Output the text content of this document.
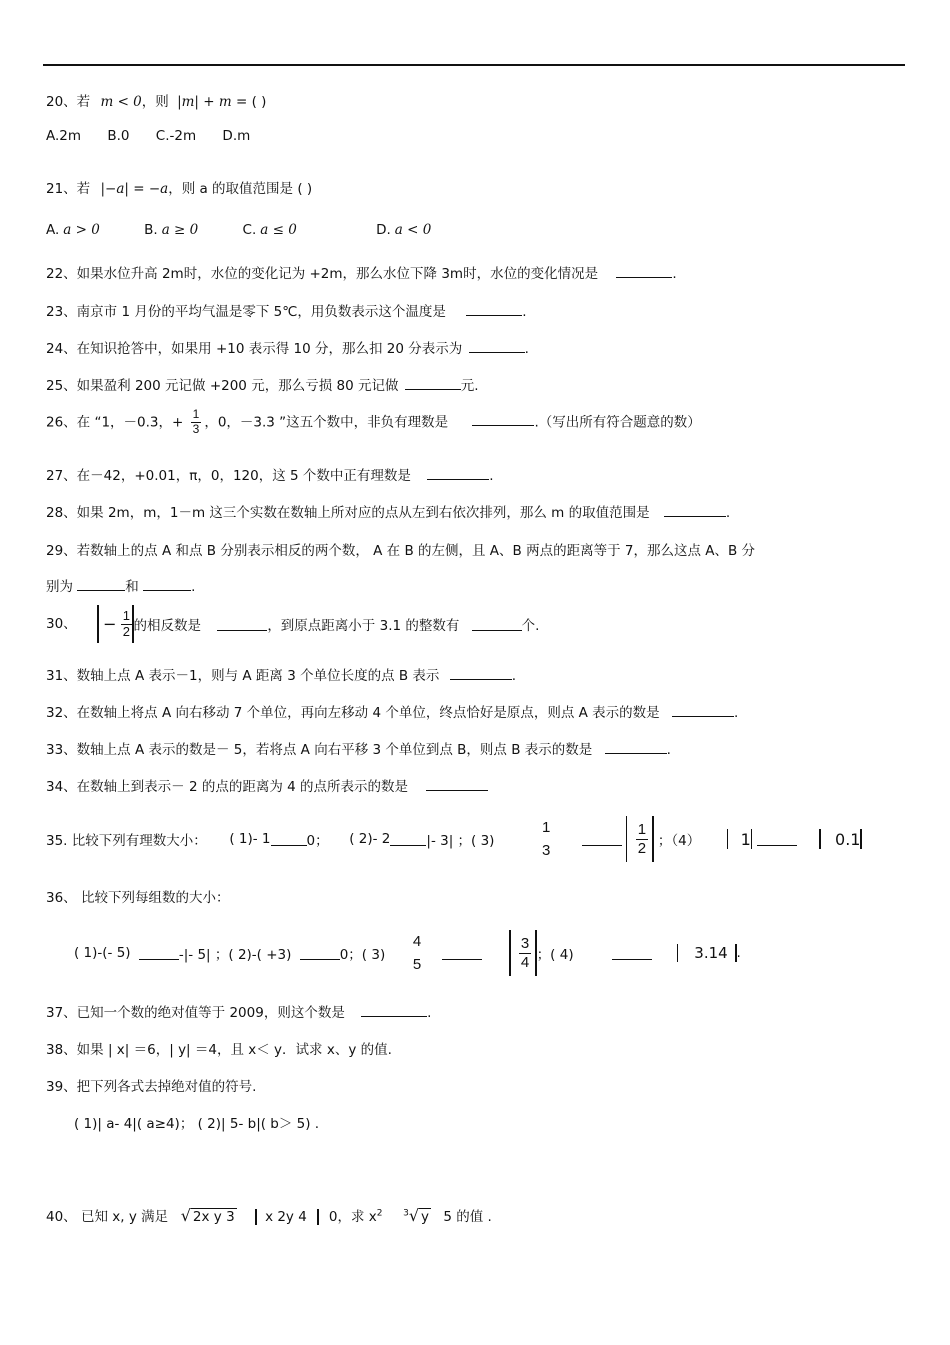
20、若 m < 0，则 |m| + m = ( )
A.2m B.0 C.-2m D.m
21、若 |−a| = −a，则 a 的取值范围是 ( )
A. a > 0	B. a ≥ 0	C. a ≤ 0	D. a < 0
22、如果水位升高 2m时，水位的变化记为 +2m，那么水位下降 3m时，水位的变化情况是	.
23、南京市 1 月份的平均气温是零下 5℃，用负数表示这个温度是	.
24、在知识抢答中，如果用 +10 表示得 10 分，那么扣 20 分表示为	.
25、如果盈利 200 元记做 +200 元，那么亏损 80 元记做	元.
26、在 “1，－0.3，+ $\frac{1}{3}$ ，0，－3.3 ”这五个数中，非负有理数是	.（写出所有符合题意的数）
27、在－42，+0.01，π，0，120，这 5 个数中正有理数是	.
28、如果 2m，m，1－m 这三个实数在数轴上所对应的点从左到右依次排列，那么 m 的取值范围是	.
29、若数轴上的点 A 和点 B 分别表示相反的两个数， A 在 B 的左侧，且 A、B 两点的距离等于 7，那么这点 A、B 分
别为	和	.
30、 − $\frac{1}{2}$ 的相反数是	，到原点距离小于 3.1 的整数有	个.
31、数轴上点 A 表示－1，则与 A 距离 3 个单位长度的点 B 表示	.
32、在数轴上将点 A 向右移动 7 个单位，再向左移动 4 个单位，终点恰好是原点，则点 A 表示的数是	.
33、数轴上点 A 表示的数是－ 5，若将点 A 向右平移 3 个单位到点 B，则点 B 表示的数是	.
34、在数轴上到表示－ 2 的点的距离为 4 的点所表示的数是
35. 比较下列有理数大小： ( 1)- 1	0； ( 2)- 2	|- 3| ；( 3)
1
3
	$\frac{1}{2}$ ；（4）	1	0.1
36、 比较下列每组数的大小：
( 1)-(- 5)	-|- 5| ；( 2)-( +3)	0；( 3)
4
5
	$\frac{3}{4}$ ；( 4)	3.14 .
37、已知一个数的绝对值等于 2009，则这个数是	.
38、如果 | x| ＝6，| y| ＝4，且 x＜ y．试求 x、y 的值.
39、把下列各式去掉绝对值的符号.
( 1)| a- 4|( a≥4)； ( 2)| 5- b|( b＞ 5) .
40、 已知 x, y 满足 √ 2x y 3 x 2y 4 0，求 $x^2$ $^3$√ y 5 的值 .
